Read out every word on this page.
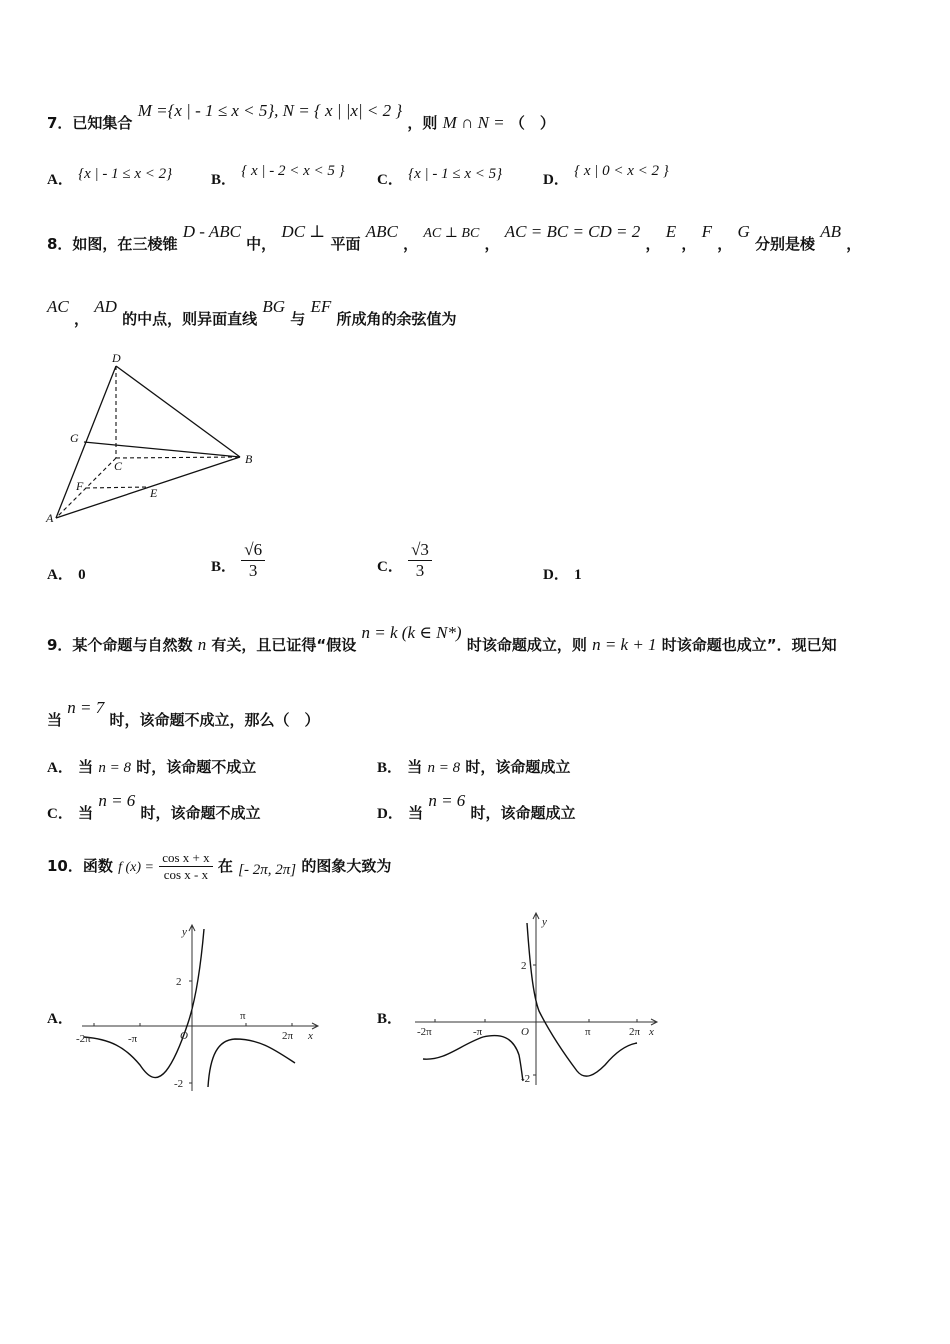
7．已知集合 M ={x | - 1 ≤ x < 5}, N = { x | |x| < 2 } ，则 M ∩ N = （　）
A． {x | - 1 ≤ x < 2}	B． { x | - 2 < x < 5 }
C． {x | - 1 ≤ x < 5}	D． { x | 0 < x < 2 }
8．如图，在三棱锥 D - ABC 中， DC ⊥ 平面 ABC ， AC ⊥ BC ， AC = BC = CD = 2 ， E ， F ， G 分别是棱 AB ，
AC ， AD 的中点，则异面直线 BG 与 EF 所成角的余弦值为
D
G
C	B
F	E
A
A． 0	B． $\frac{√6}{3}$	C． $\frac{√3}{3}$	D． 1
9．某个命题与自然数 n 有关，且已证得“假设 n = k (k ∈ N*) 时该命题成立，则 n = k + 1 时该命题也成立”．现已知
当 n = 7 时，该命题不成立，那么（　）
A． 当 n = 8 时，该命题不成立	B． 当 n = 8 时，该命题成立
C． 当 n = 6 时，该命题不成立	D． 当 n = 6 时，该命题成立
10．函数 f $(x) = \frac{\text{cos x + x}}{\text{cos x - x}}$ 在 [- 2π, 2π] 的图象大致为
A．
y
2
-2
O
π
-π	2π
-2π	x
B．
y
2
-2
O	π
-π	2π
-2π	x
